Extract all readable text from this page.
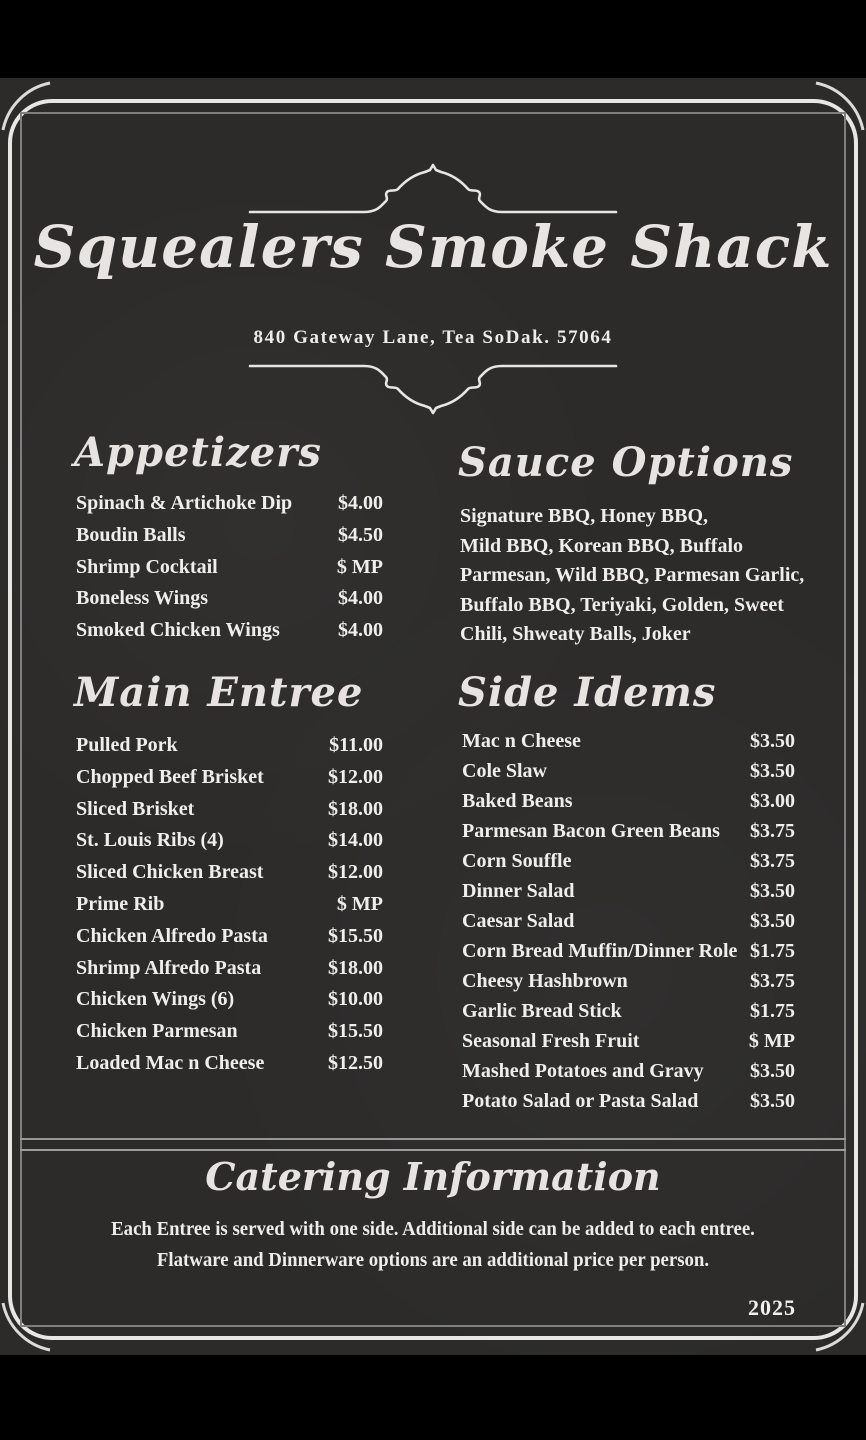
Squealers Smoke Shack
840 Gateway Lane, Tea SoDak. 57064
Appetizers
Spinach & Artichoke Dip $4.00
Boudin Balls	$4.50
Shrimp Cocktail	$ MP
Boneless Wings	$4.00
Smoked Chicken Wings	$4.00
Sauce Options
Signature BBQ, Honey BBQ,
Mild BBQ, Korean BBQ, Buffalo
Parmesan, Wild BBQ, Parmesan Garlic,
Buffalo BBQ, Teriyaki, Golden, Sweet
Chili, Shweaty Balls, Joker
Main Entree
Pulled Pork	$11.00
Chopped Beef Brisket	$12.00
Sliced Brisket	$18.00
St. Louis Ribs (4)	$14.00
Sliced Chicken Breast	$12.00
Prime Rib	$ MP
Chicken Alfredo Pasta	$15.50
Shrimp Alfredo Pasta	$18.00
Chicken Wings (6)	$10.00
Chicken Parmesan	$15.50
Loaded Mac n Cheese	$12.50
Side Idems
Mac n Cheese	$3.50
Cole Slaw	$3.50
Baked Beans	$3.00
Parmesan Bacon Green Beans $3.75
Corn Souffle	$3.75
Dinner Salad	$3.50
Caesar Salad	$3.50
Corn Bread Muffin/Dinner Role $1.75
Cheesy Hashbrown	$3.75
Garlic Bread Stick	$1.75
Seasonal Fresh Fruit	$ MP
Mashed Potatoes and Gravy $3.50
Potato Salad or Pasta Salad	$3.50
Catering Information
Each Entree is served with one side. Additional side can be added to each entree.
Flatware and Dinnerware options are an additional price per person.
2025
